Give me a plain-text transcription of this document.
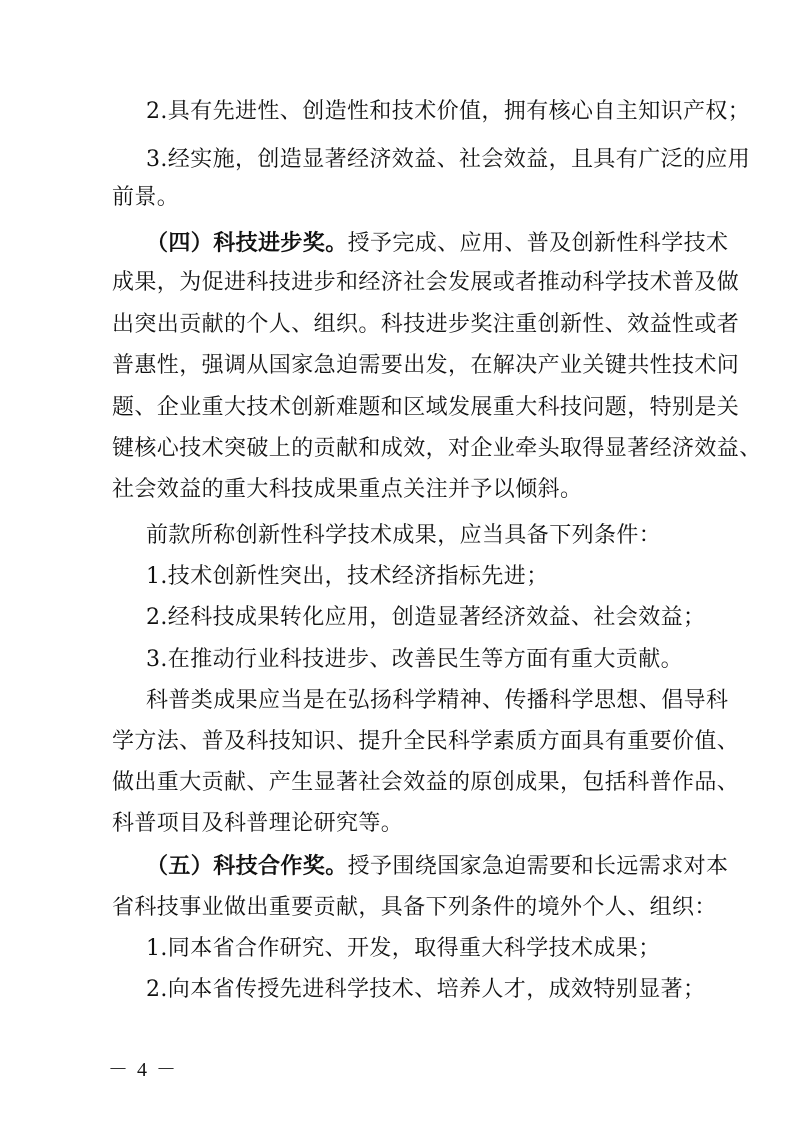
2.具有先进性、创造性和技术价值，拥有核心自主知识产权；
3.经实施，创造显著经济效益、社会效益，且具有广泛的应用
前景。
（四）科技进步奖。授予完成、应用、普及创新性科学技术
成果，为促进科技进步和经济社会发展或者推动科学技术普及做
出突出贡献的个人、组织。科技进步奖注重创新性、效益性或者
普惠性，强调从国家急迫需要出发，在解决产业关键共性技术问
题、企业重大技术创新难题和区域发展重大科技问题，特别是关
键核心技术突破上的贡献和成效，对企业牵头取得显著经济效益、
社会效益的重大科技成果重点关注并予以倾斜。
前款所称创新性科学技术成果，应当具备下列条件：
1.技术创新性突出，技术经济指标先进；
2.经科技成果转化应用，创造显著经济效益、社会效益；
3.在推动行业科技进步、改善民生等方面有重大贡献。
科普类成果应当是在弘扬科学精神、传播科学思想、倡导科
学方法、普及科技知识、提升全民科学素质方面具有重要价值、
做出重大贡献、产生显著社会效益的原创成果，包括科普作品、
科普项目及科普理论研究等。
（五）科技合作奖。授予围绕国家急迫需要和长远需求对本
省科技事业做出重要贡献，具备下列条件的境外个人、组织：
1.同本省合作研究、开发，取得重大科学技术成果；
2.向本省传授先进科学技术、培养人才，成效特别显著；
－ 4 －
